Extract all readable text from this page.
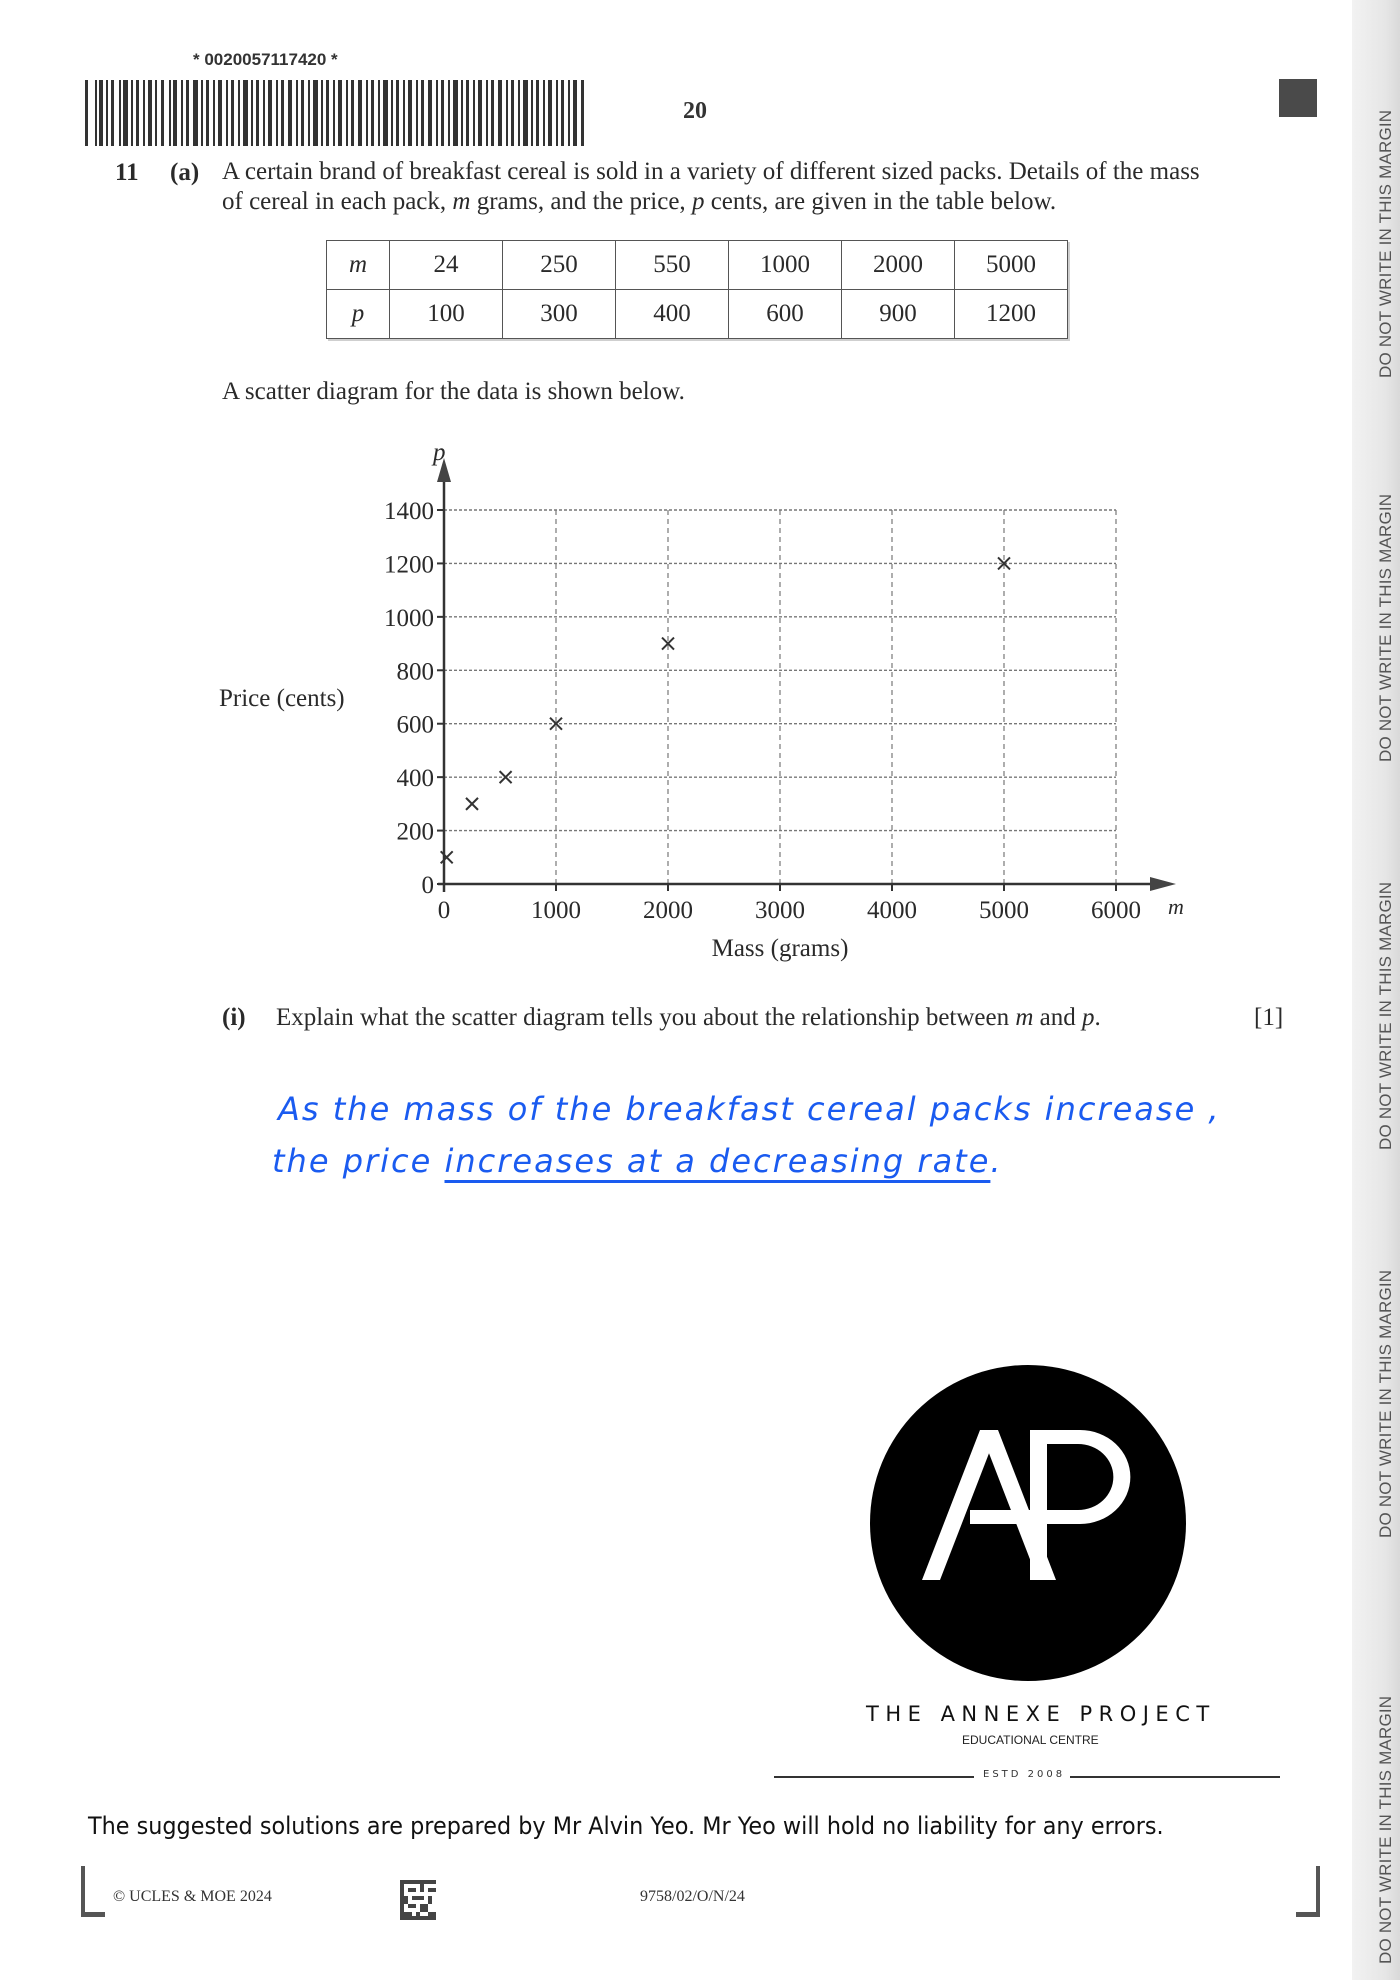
DO NOT WRITE IN THIS MARGIN
DO NOT WRITE IN THIS MARGIN
DO NOT WRITE IN THIS MARGIN
DO NOT WRITE IN THIS MARGIN
DO NOT WRITE IN THIS MARGIN
* 0020057117420 *
20
11 (a) A certain brand of breakfast cereal is sold in a variety of different sized packs. Details of the mass
of cereal in each pack, m grams, and the price, p cents, are given in the table below.
m	24	250	550	1000	2000	5000
p	100	300	400	600	900	1200
A scatter diagram for the data is shown below.
0
200
400
600
800
1000
1200
1400
0	1000 2000 3000 4000 5000 6000
p
m
Price (cents)
Mass (grams)
(i) Explain what the scatter diagram tells you about the relationship between m and p.	[1]
As the mass of the breakfast cereal packs increase ,
the price increases at a decreasing rate.
THE ANNEXE PROJECT
EDUCATIONAL CENTRE
ESTD 2008
The suggested solutions are prepared by Mr Alvin Yeo. Mr Yeo will hold no liability for any errors.
© UCLES & MOE 2024	9758/02/O/N/24
